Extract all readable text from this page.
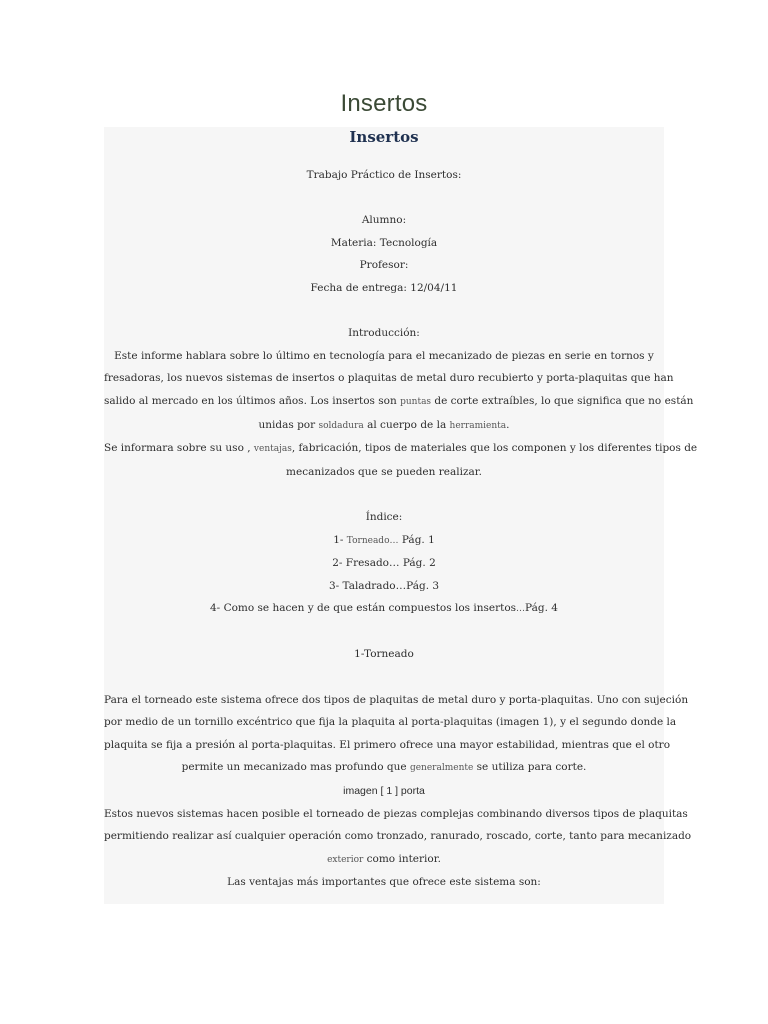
Insertos
Insertos
Trabajo Práctico de Insertos:
Alumno:
Materia: Tecnología
Profesor:
Fecha de entrega: 12/04/11
Introducción:
Este informe hablara sobre lo último en tecnología para el mecanizado de piezas en serie en tornos y
fresadoras, los nuevos sistemas de insertos o plaquitas de metal duro recubierto y porta-plaquitas que han
salido al mercado en los últimos años. Los insertos son puntas de corte extraíbles, lo que significa que no están
unidas por soldadura al cuerpo de la herramienta.
Se informara sobre su uso , ventajas, fabricación, tipos de materiales que los componen y los diferentes tipos de
mecanizados que se pueden realizar.
Índice:
1- Torneado… Pág. 1
2- Fresado… Pág. 2
3- Taladrado…Pág. 3
4- Como se hacen y de que están compuestos los insertos…Pág. 4
1-Torneado
Para el torneado este sistema ofrece dos tipos de plaquitas de metal duro y porta-plaquitas. Uno con sujeción
por medio de un tornillo excéntrico que fija la plaquita al porta-plaquitas (imagen 1), y el segundo donde la
plaquita se fija a presión al porta-plaquitas. El primero ofrece una mayor estabilidad, mientras que el otro
permite un mecanizado mas profundo que generalmente se utiliza para corte.
imagen [ 1 ] porta
Estos nuevos sistemas hacen posible el torneado de piezas complejas combinando diversos tipos de plaquitas
permitiendo realizar así cualquier operación como tronzado, ranurado, roscado, corte, tanto para mecanizado
exterior como interior.
Las ventajas más importantes que ofrece este sistema son:
